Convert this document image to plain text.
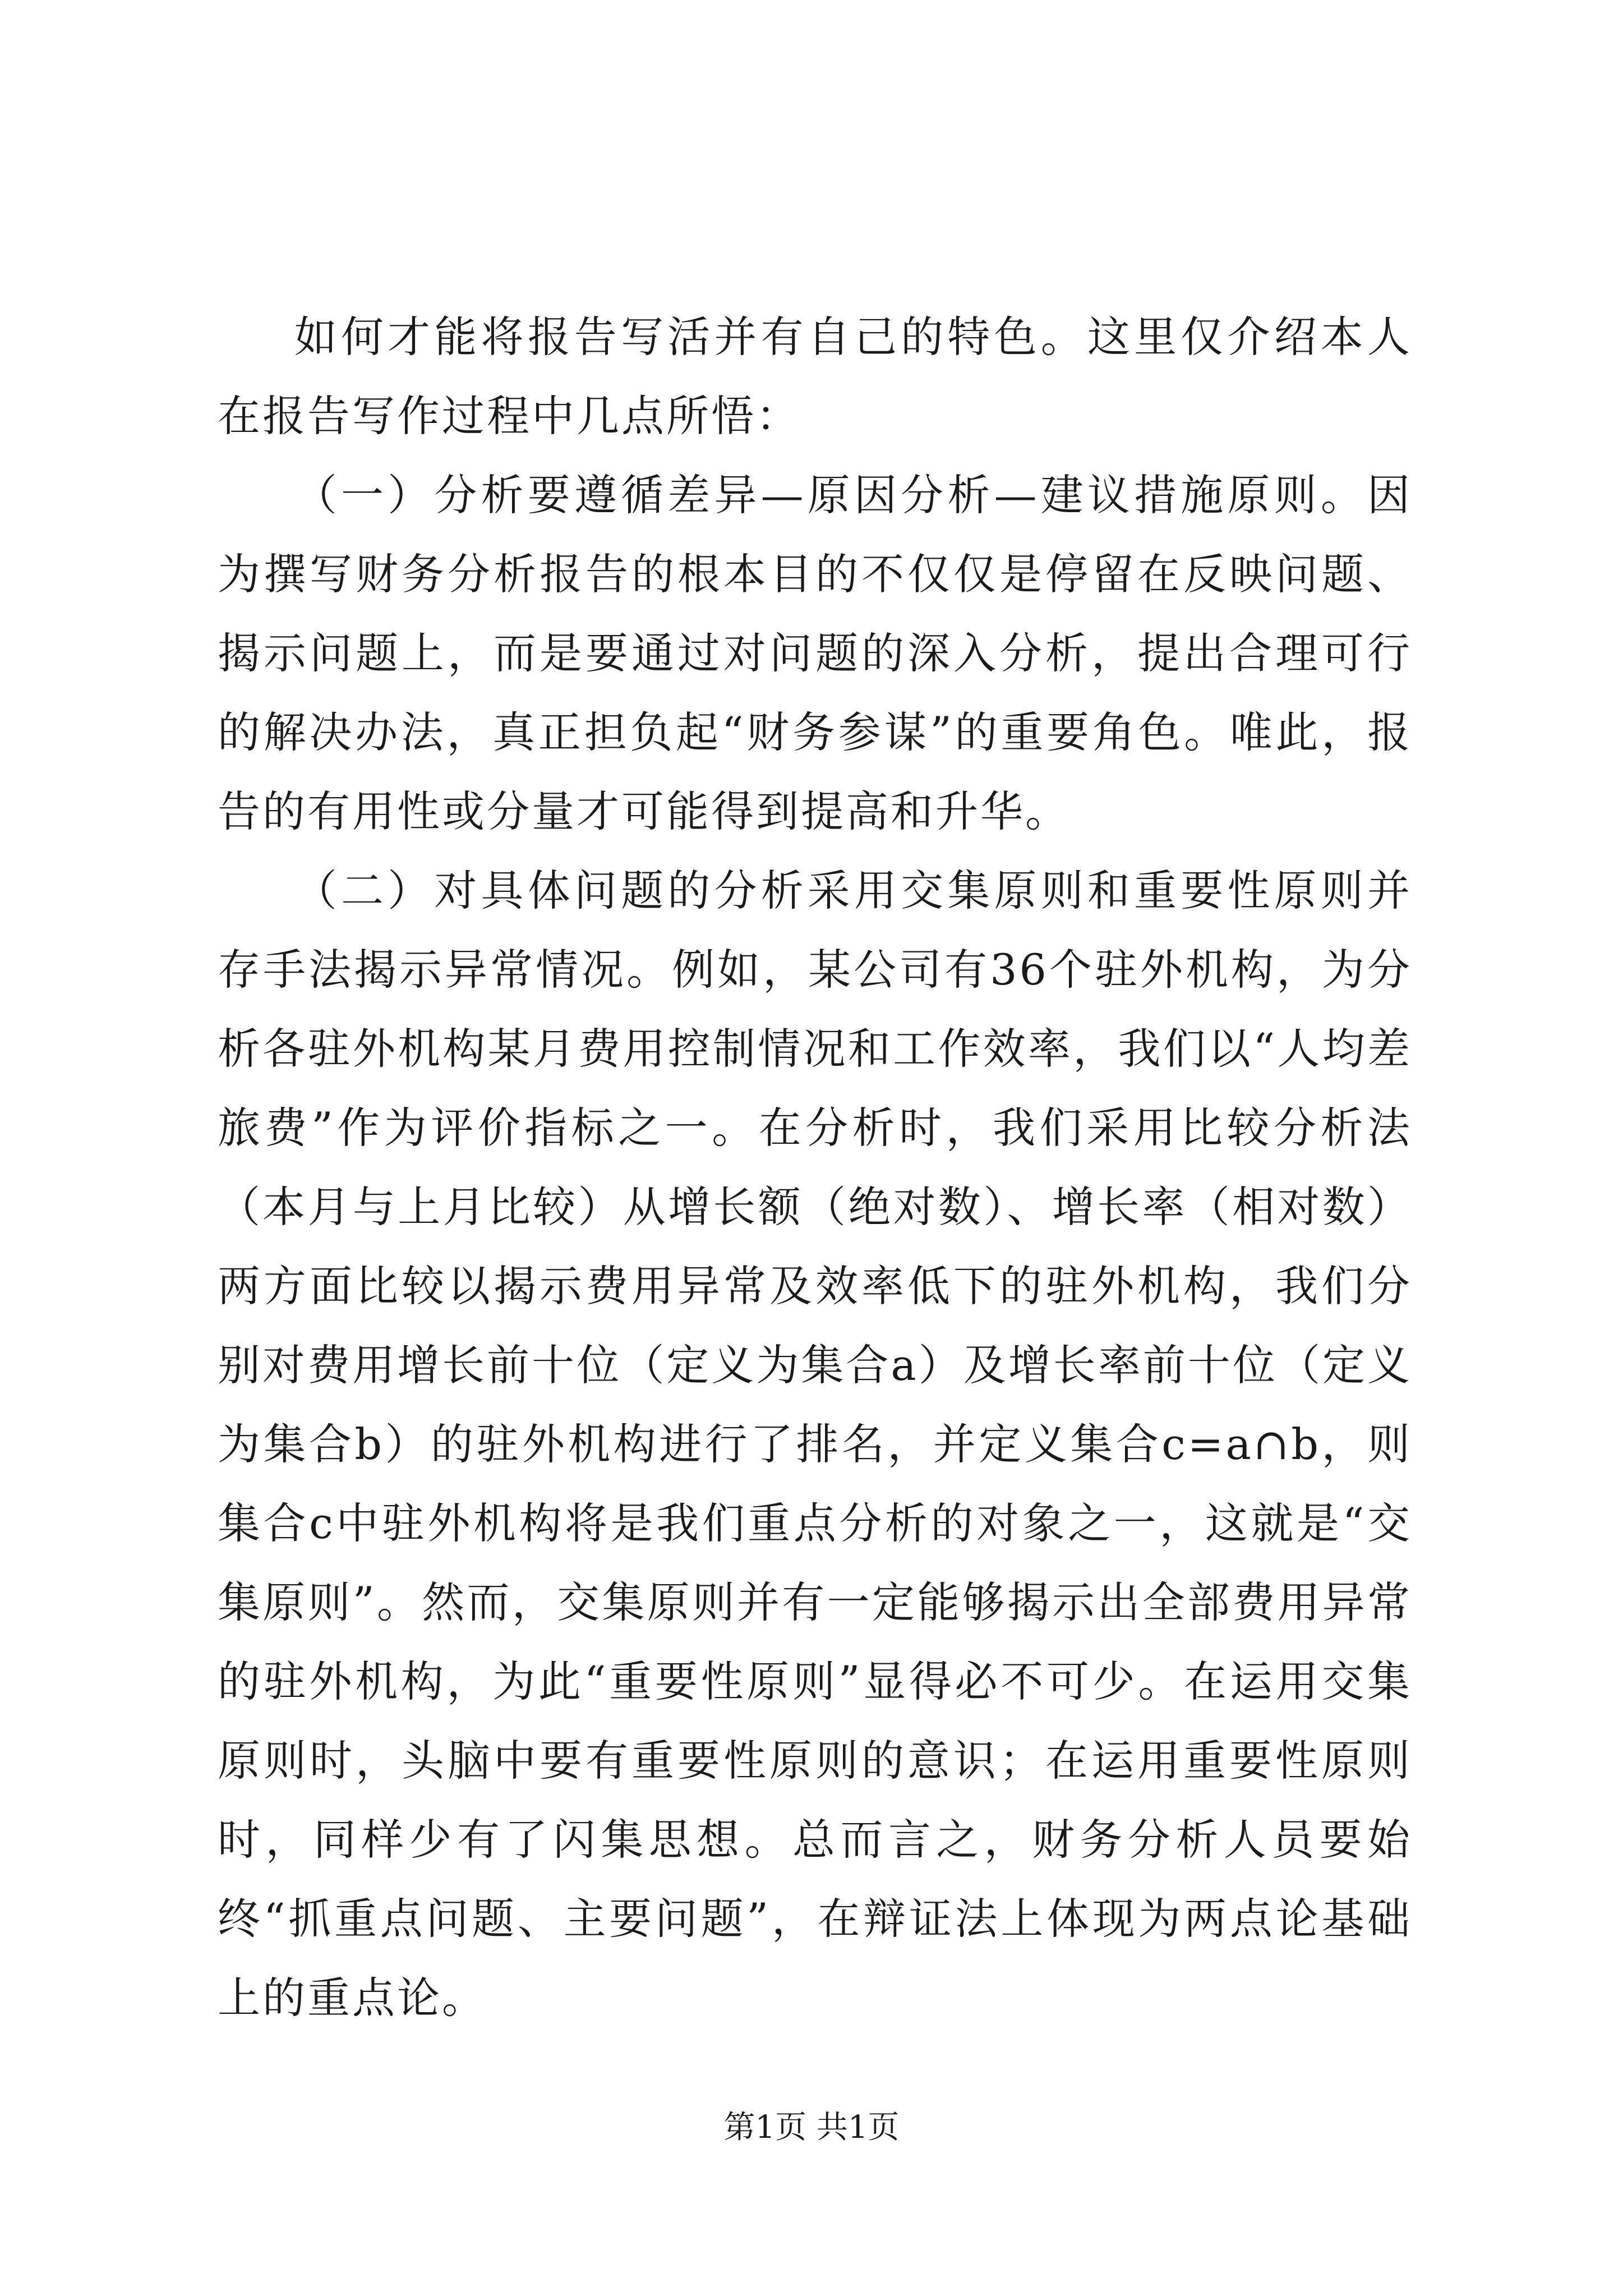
如何才能将报告写活并有自己的特色。这里仅介绍本人在报告写作过程中几点所悟：

（一）分析要遵循差异—原因分析—建议措施原则。因为撰写财务分析报告的根本目的不仅仅是停留在反映问题、揭示问题上，而是要通过对问题的深入分析，提出合理可行的解决办法，真正担负起“财务参谋”的重要角色。唯此，报告的有用性或分量才可能得到提高和升华。

（二）对具体问题的分析采用交集原则和重要性原则并存手法揭示异常情况。例如，某公司有36个驻外机构，为分析各驻外机构某月费用控制情况和工作效率，我们以“人均差旅费”作为评价指标之一。在分析时，我们采用比较分析法（本月与上月比较）从增长额（绝对数）、增长率（相对数）两方面比较以揭示费用异常及效率低下的驻外机构，我们分别对费用增长前十位（定义为集合a）及增长率前十位（定义为集合b）的驻外机构进行了排名，并定义集合c=a∩b，则集合c中驻外机构将是我们重点分析的对象之一，这就是“交集原则”。然而，交集原则并有一定能够揭示出全部费用异常的驻外机构，为此“重要性原则”显得必不可少。在运用交集原则时，头脑中要有重要性原则的意识；在运用重要性原则时，同样少有了闪集思想。总而言之，财务分析人员要始终“抓重点问题、主要问题”，在辩证法上体现为两点论基础上的重点论。

第1页 共1页
